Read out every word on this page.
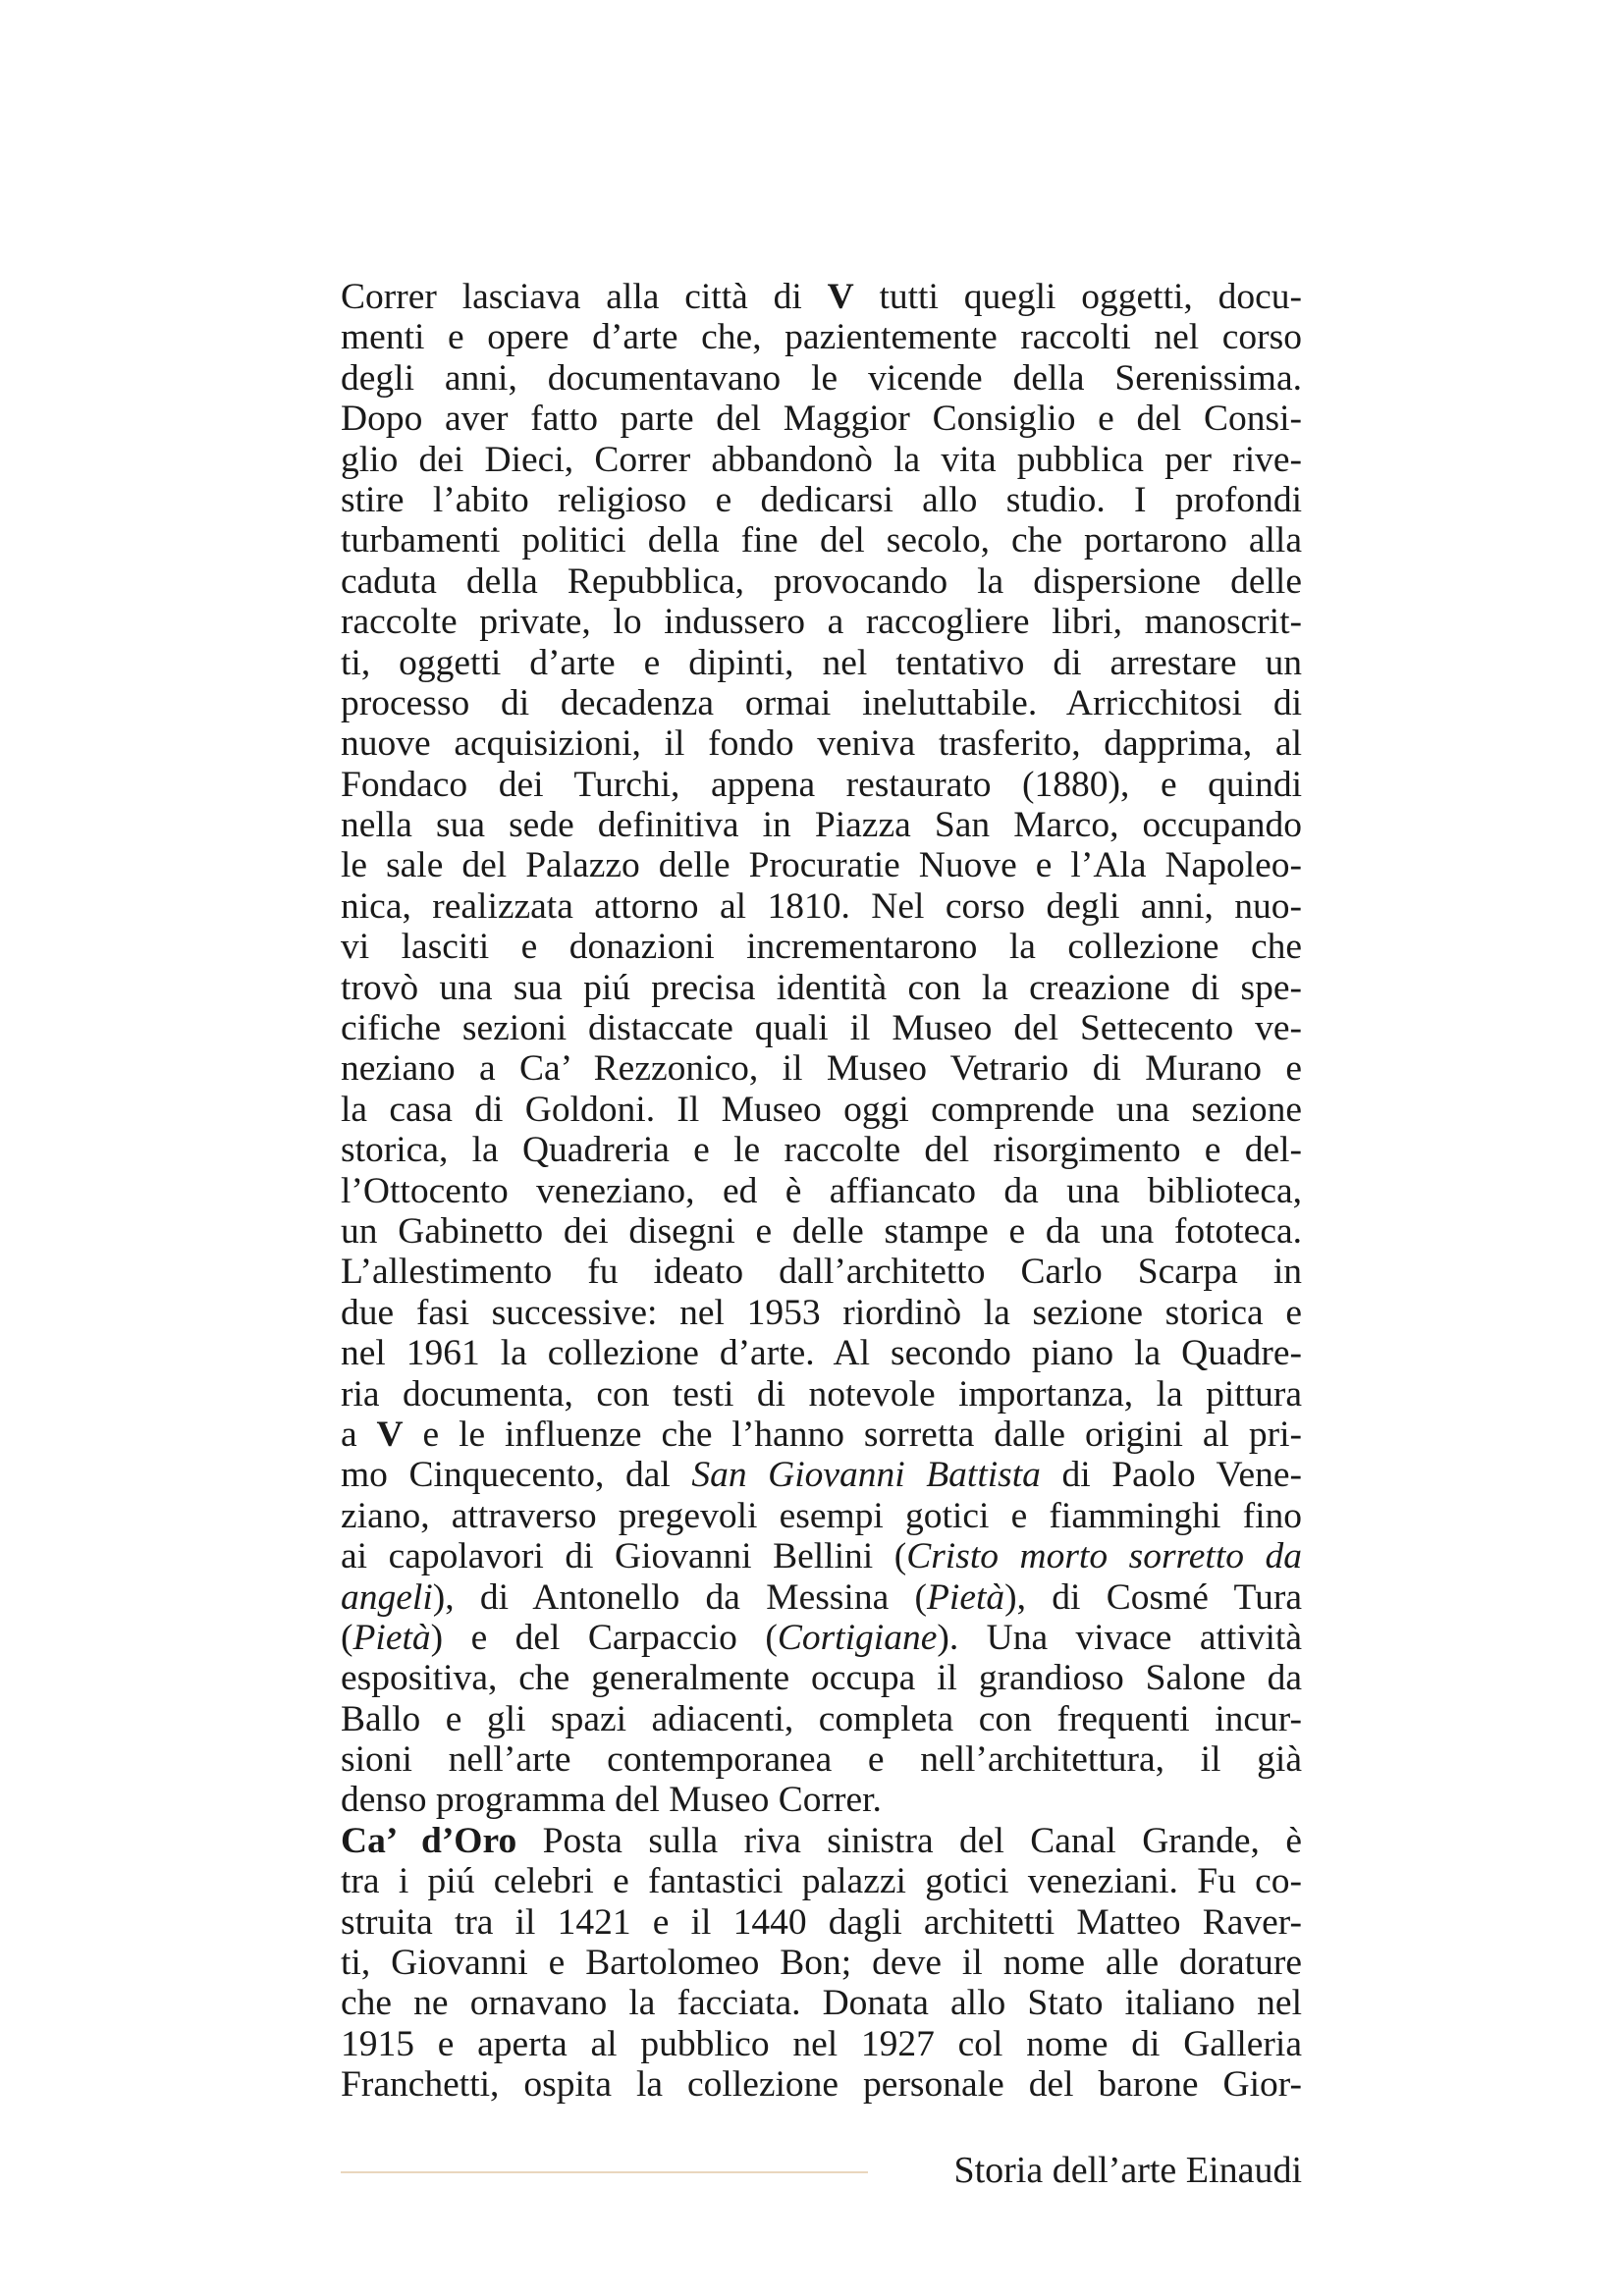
Correr lasciava alla città di V tutti quegli oggetti, docu-
menti e opere d’arte che, pazientemente raccolti nel corso
degli anni, documentavano le vicende della Serenissima.
Dopo aver fatto parte del Maggior Consiglio e del Consi-
glio dei Dieci, Correr abbandonò la vita pubblica per rive-
stire l’abito religioso e dedicarsi allo studio. I profondi
turbamenti politici della fine del secolo, che portarono alla
caduta della Repubblica, provocando la dispersione delle
raccolte private, lo indussero a raccogliere libri, manoscrit-
ti, oggetti d’arte e dipinti, nel tentativo di arrestare un
processo di decadenza ormai ineluttabile. Arricchitosi di
nuove acquisizioni, il fondo veniva trasferito, dapprima, al
Fondaco dei Turchi, appena restaurato (1880), e quindi
nella sua sede definitiva in Piazza San Marco, occupando
le sale del Palazzo delle Procuratie Nuove e l’Ala Napoleo-
nica, realizzata attorno al 1810. Nel corso degli anni, nuo-
vi lasciti e donazioni incrementarono la collezione che
trovò una sua piú precisa identità con la creazione di spe-
cifiche sezioni distaccate quali il Museo del Settecento ve-
neziano a Ca’ Rezzonico, il Museo Vetrario di Murano e
la casa di Goldoni. Il Museo oggi comprende una sezione
storica, la Quadreria e le raccolte del risorgimento e del-
l’Ottocento veneziano, ed è affiancato da una biblioteca,
un Gabinetto dei disegni e delle stampe e da una fototeca.
L’allestimento fu ideato dall’architetto Carlo Scarpa in
due fasi successive: nel 1953 riordinò la sezione storica e
nel 1961 la collezione d’arte. Al secondo piano la Quadre-
ria documenta, con testi di notevole importanza, la pittura
a V e le influenze che l’hanno sorretta dalle origini al pri-
mo Cinquecento, dal San Giovanni Battista di Paolo Vene-
ziano, attraverso pregevoli esempi gotici e fiamminghi fino
ai capolavori di Giovanni Bellini (Cristo morto sorretto da
angeli), di Antonello da Messina (Pietà), di Cosmé Tura
(Pietà) e del Carpaccio (Cortigiane). Una vivace attività
espositiva, che generalmente occupa il grandioso Salone da
Ballo e gli spazi adiacenti, completa con frequenti incur-
sioni nell’arte contemporanea e nell’architettura, il già
denso programma del Museo Correr.
Ca’ d’Oro Posta sulla riva sinistra del Canal Grande, è
tra i piú celebri e fantastici palazzi gotici veneziani. Fu co-
struita tra il 1421 e il 1440 dagli architetti Matteo Raver-
ti, Giovanni e Bartolomeo Bon; deve il nome alle dorature
che ne ornavano la facciata. Donata allo Stato italiano nel
1915 e aperta al pubblico nel 1927 col nome di Galleria
Franchetti, ospita la collezione personale del barone Gior-
Storia dell’arte Einaudi
